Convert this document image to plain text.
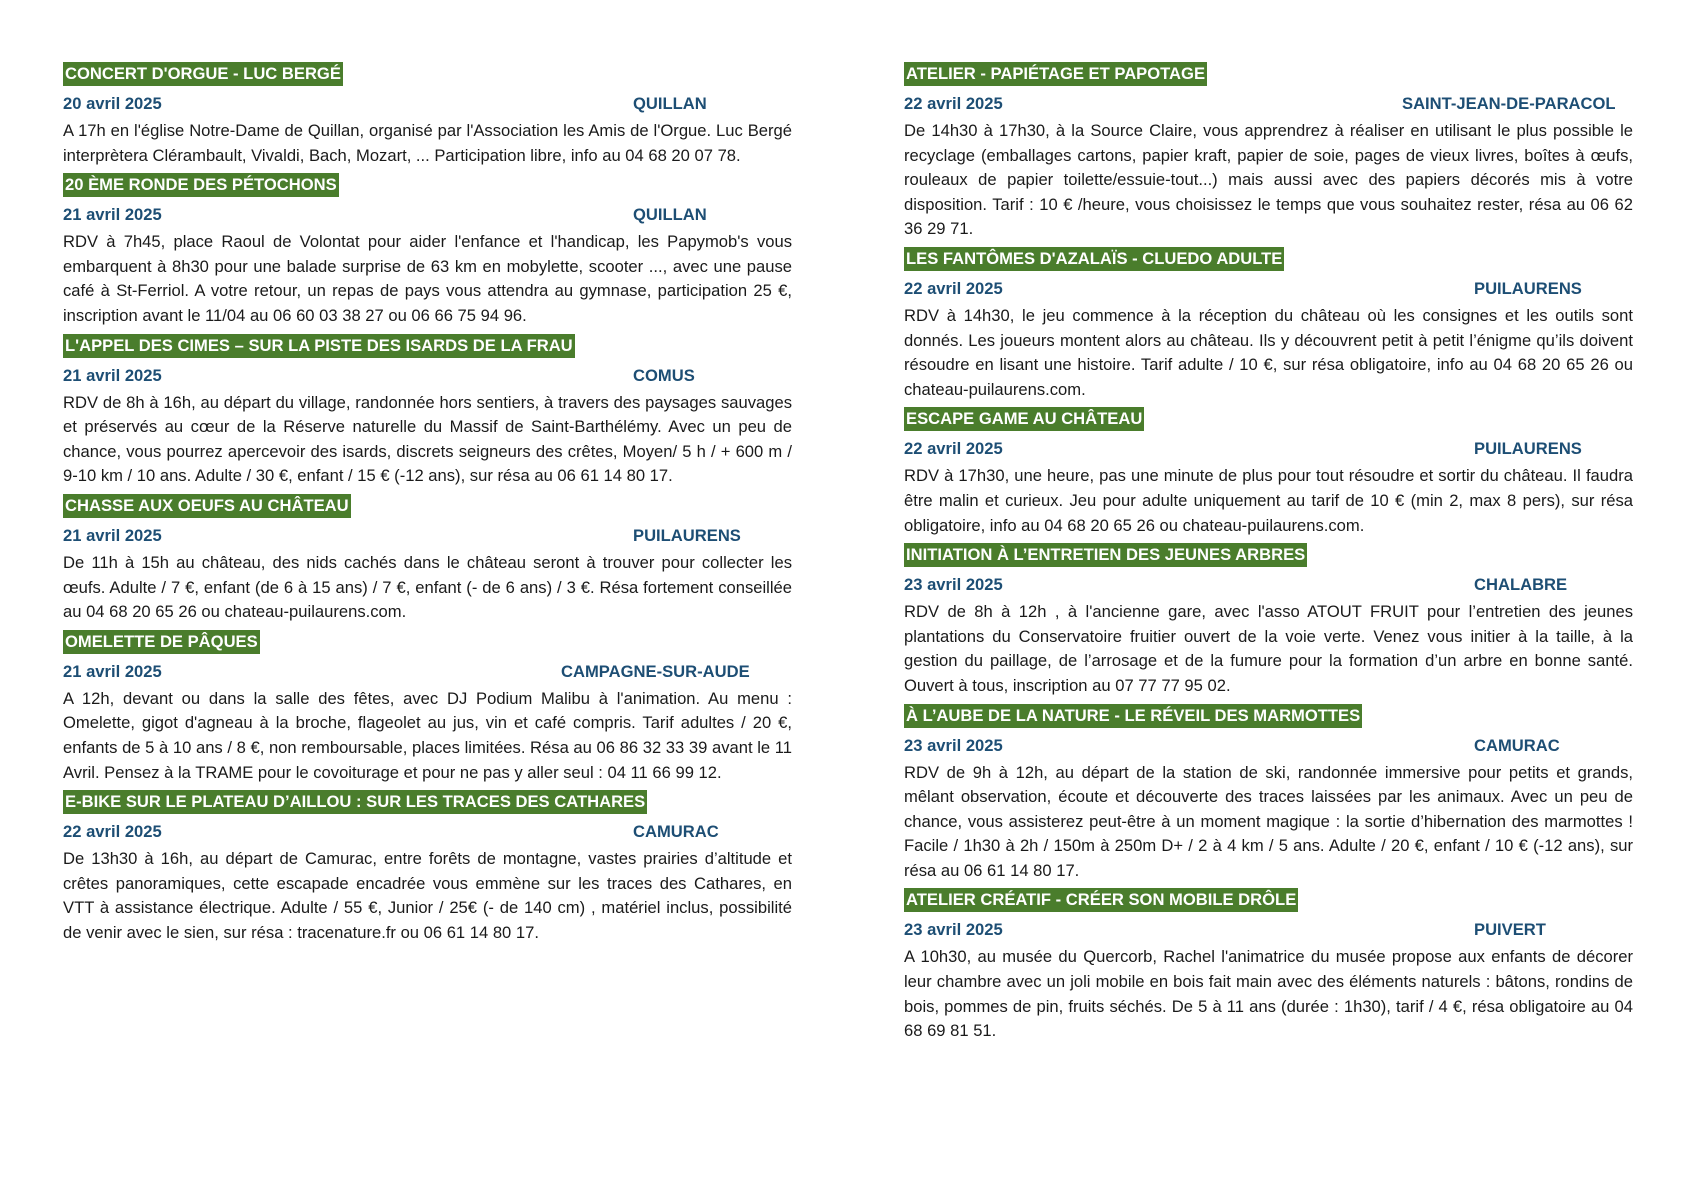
CONCERT D'ORGUE - LUC BERGÉ
20 avril 2025	QUILLAN

A 17h en l'église Notre-Dame de Quillan, organisé par l'Association les Amis de l'Orgue. Luc Bergé interprètera Clérambault, Vivaldi, Bach, Mozart, ... Participation libre, info au 04 68 20 07 78.

20 ÈME RONDE DES PÉTOCHONS
21 avril 2025	QUILLAN

RDV à 7h45, place Raoul de Volontat pour aider l'enfance et l'handicap, les Papymob's vous embarquent à 8h30 pour une balade surprise de 63 km en mobylette, scooter ..., avec une pause café à St-Ferriol. A votre retour, un repas de pays vous attendra au gymnase, participation 25 €, inscription avant le 11/04 au 06 60 03 38 27 ou 06 66 75 94 96.

L'APPEL DES CIMES – SUR LA PISTE DES ISARDS DE LA FRAU
21 avril 2025	COMUS

RDV de 8h à 16h, au départ du village, randonnée hors sentiers, à travers des paysages sauvages et préservés au cœur de la Réserve naturelle du Massif de Saint-Barthélémy. Avec un peu de chance, vous pourrez apercevoir des isards, discrets seigneurs des crêtes, Moyen/ 5 h / + 600 m / 9-10 km / 10 ans. Adulte / 30 €, enfant / 15 € (-12 ans), sur résa au 06 61 14 80 17.

CHASSE AUX OEUFS AU CHÂTEAU
21 avril 2025	PUILAURENS

De 11h à 15h au château, des nids cachés dans le château seront à trouver pour collecter les œufs. Adulte / 7 €, enfant (de 6 à 15 ans) / 7 €, enfant (- de 6 ans) / 3 €. Résa fortement conseillée au 04 68 20 65 26 ou chateau-puilaurens.com.

OMELETTE DE PÂQUES
21 avril 2025	CAMPAGNE-SUR-AUDE

A 12h, devant ou dans la salle des fêtes, avec DJ Podium Malibu à l'animation. Au menu : Omelette, gigot d'agneau à la broche, flageolet au jus, vin et café compris. Tarif adultes / 20 €, enfants de 5 à 10 ans / 8 €, non remboursable, places limitées. Résa au 06 86 32 33 39 avant le 11 Avril. Pensez à la TRAME pour le covoiturage et pour ne pas y aller seul : 04 11 66 99 12.

E-BIKE SUR LE PLATEAU D’AILLOU : SUR LES TRACES DES CATHARES
22 avril 2025	CAMURAC

De 13h30 à 16h, au départ de Camurac, entre forêts de montagne, vastes prairies d’altitude et crêtes panoramiques, cette escapade encadrée vous emmène sur les traces des Cathares, en VTT à assistance électrique. Adulte / 55 €, Junior / 25€ (- de 140 cm) , matériel inclus, possibilité de venir avec le sien, sur résa : tracenature.fr ou 06 61 14 80 17.

ATELIER - PAPIÉTAGE ET PAPOTAGE
22 avril 2025	SAINT-JEAN-DE-PARACOL

De 14h30 à 17h30, à la Source Claire, vous apprendrez à réaliser en utilisant le plus possible le recyclage (emballages cartons, papier kraft, papier de soie, pages de vieux livres, boîtes à œufs, rouleaux de papier toilette/essuie-tout...) mais aussi avec des papiers décorés mis à votre disposition. Tarif : 10 € /heure, vous choisissez le temps que vous souhaitez rester, résa au 06 62 36 29 71.

LES FANTÔMES D'AZALAÏS - CLUEDO ADULTE
22 avril 2025	PUILAURENS

RDV à 14h30, le jeu commence à la réception du château où les consignes et les outils sont donnés. Les joueurs montent alors au château. Ils y découvrent petit à petit l’énigme qu’ils doivent résoudre en lisant une histoire. Tarif adulte / 10 €, sur résa obligatoire, info au 04 68 20 65 26 ou chateau-puilaurens.com.

ESCAPE GAME AU CHÂTEAU
22 avril 2025	PUILAURENS

RDV à 17h30, une heure, pas une minute de plus pour tout résoudre et sortir du château. Il faudra être malin et curieux. Jeu pour adulte uniquement au tarif de 10 € (min 2, max 8 pers), sur résa obligatoire, info au 04 68 20 65 26 ou chateau-puilaurens.com.

INITIATION À L’ENTRETIEN DES JEUNES ARBRES
23 avril 2025	CHALABRE

RDV de 8h à 12h , à l'ancienne gare, avec l'asso ATOUT FRUIT pour l’entretien des jeunes plantations du Conservatoire fruitier ouvert de la voie verte. Venez vous initier à la taille, à la gestion du paillage, de l’arrosage et de la fumure pour la formation d’un arbre en bonne santé. Ouvert à tous, inscription au 07 77 77 95 02.

À L’AUBE DE LA NATURE - LE RÉVEIL DES MARMOTTES
23 avril 2025	CAMURAC

RDV de 9h à 12h, au départ de la station de ski, randonnée immersive pour petits et grands, mêlant observation, écoute et découverte des traces laissées par les animaux. Avec un peu de chance, vous assisterez peut-être à un moment magique : la sortie d’hibernation des marmottes ! Facile / 1h30 à 2h / 150m à 250m D+ / 2 à 4 km / 5 ans. Adulte / 20 €, enfant / 10 € (-12 ans), sur résa au 06 61 14 80 17.

ATELIER CRÉATIF - CRÉER SON MOBILE DRÔLE
23 avril 2025	PUIVERT

A 10h30, au musée du Quercorb, Rachel l'animatrice du musée propose aux enfants de décorer leur chambre avec un joli mobile en bois fait main avec des éléments naturels : bâtons, rondins de bois, pommes de pin, fruits séchés. De 5 à 11 ans (durée : 1h30), tarif / 4 €, résa obligatoire au 04 68 69 81 51.
